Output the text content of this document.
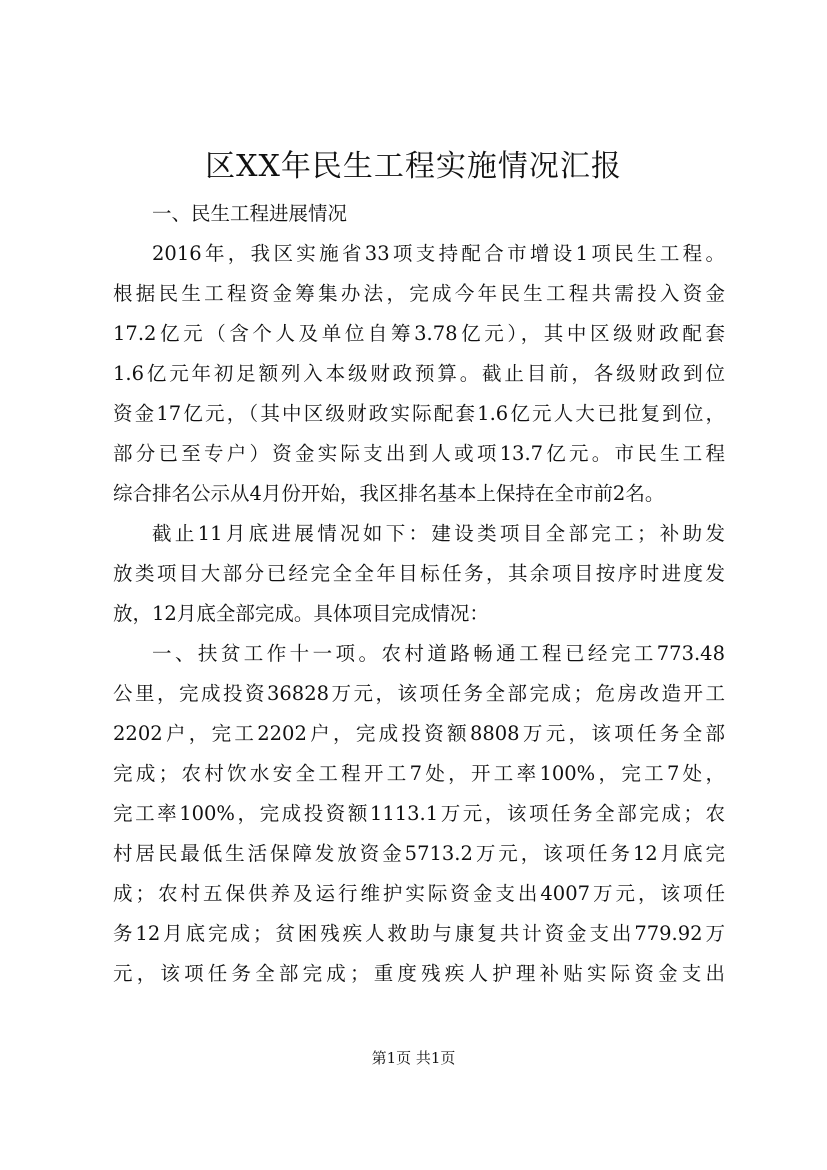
区XX年民生工程实施情况汇报
一、民生工程进展情况
2016年，我区实施省33项支持配合市增设1项民生工程。
根据民生工程资金筹集办法，完成今年民生工程共需投入资金
17.2亿元（含个人及单位自筹3.78亿元），其中区级财政配套
1.6亿元年初足额列入本级财政预算。截止目前，各级财政到位
资金17亿元，（其中区级财政实际配套1.6亿元人大已批复到位，
部分已至专户）资金实际支出到人或项13.7亿元。市民生工程
综合排名公示从4月份开始，我区排名基本上保持在全市前2名。
截止11月底进展情况如下：建设类项目全部完工；补助发
放类项目大部分已经完全全年目标任务，其余项目按序时进度发
放，12月底全部完成。具体项目完成情况：
一、扶贫工作十一项。农村道路畅通工程已经完工773.48
公里，完成投资36828万元，该项任务全部完成；危房改造开工
2202户，完工2202户，完成投资额8808万元，该项任务全部
完成；农村饮水安全工程开工7处，开工率100%，完工7处，
完工率100%，完成投资额1113.1万元，该项任务全部完成；农
村居民最低生活保障发放资金5713.2万元，该项任务12月底完
成；农村五保供养及运行维护实际资金支出4007万元，该项任
务12月底完成；贫困残疾人救助与康复共计资金支出779.92万
元，该项任务全部完成；重度残疾人护理补贴实际资金支出
第1页 共1页
